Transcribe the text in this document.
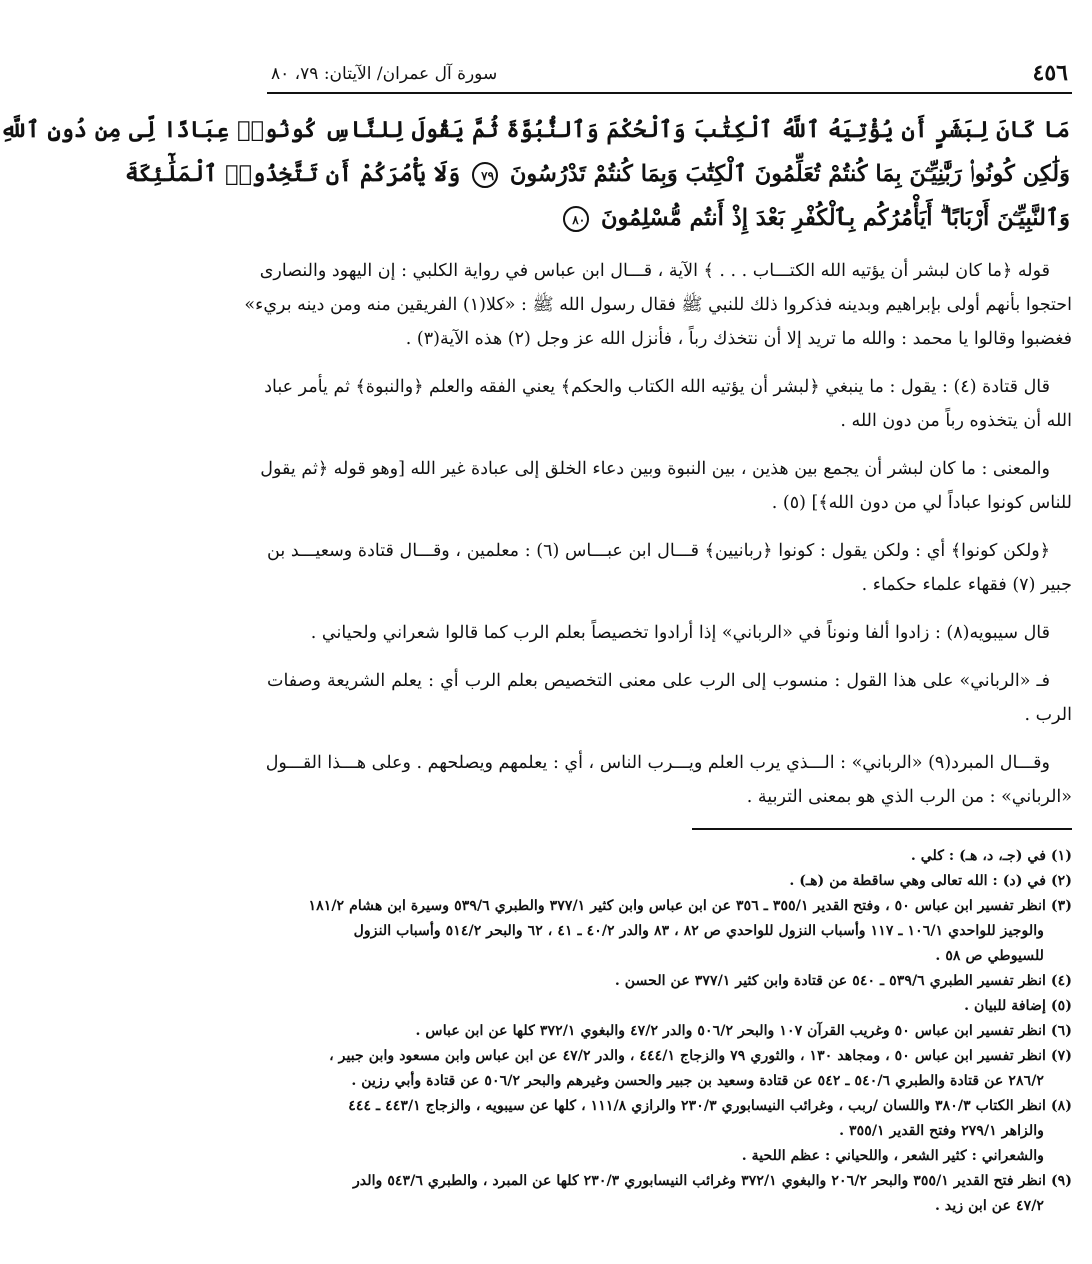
٤٥٦
سورة آل عمران/ الآيتان: ٧٩، ٨٠
مَا كَانَ لِبَشَرٍ أَن يُؤْتِيَهُ ٱللَّهُ ٱلْكِتَٰبَ وَٱلْحُكْمَ وَٱلنُّبُوَّةَ ثُمَّ يَقُولَ لِلنَّاسِ كُونُوا۟ عِبَادًا لِّى مِن دُونِ ٱللَّهِ
وَلَٰكِن كُونُوا۟ رَبَّٰنِيِّـۧنَ بِمَا كُنتُمْ تُعَلِّمُونَ ٱلْكِتَٰبَ وَبِمَا كُنتُمْ تَدْرُسُونَ ٧٩ وَلَا يَأْمُرَكُمْ أَن تَتَّخِذُوا۟ ٱلْمَلَٰٓئِكَةَ
وَٱلنَّبِيِّـۧنَ أَرْبَابًا ۗ أَيَأْمُرُكُم بِٱلْكُفْرِ بَعْدَ إِذْ أَنتُم مُّسْلِمُونَ ٨٠

قوله ﴿ما كان لبشر أن يؤتيه الله الكتـــاب . . . ﴾ الآية ، قـــال ابن عباس في رواية الكلبي : إن اليهود والنصارى
احتجوا بأنهم أولى بإبراهيم وبدينه فذكروا ذلك للنبي ﷺ فقال رسول الله ﷺ : «كلا(١) الفريقين منه ومن دينه بريء»
فغضبوا وقالوا يا محمد : والله ما تريد إلا أن نتخذك رباً ، فأنزل الله عز وجل (٢) هذه الآية(٣) .

قال قتادة (٤) : يقول : ما ينبغي ﴿لبشر أن يؤتيه الله الكتاب والحكم﴾ يعني الفقه والعلم ﴿والنبوة﴾ ثم يأمر عباد
الله أن يتخذوه رباً من دون الله .

والمعنى : ما كان لبشر أن يجمع بين هذين ، بين النبوة وبين دعاء الخلق إلى عبادة غير الله [وهو قوله ﴿ثم يقول
للناس كونوا عباداً لي من دون الله﴾] (٥) .

﴿ولكن كونوا﴾ أي : ولكن يقول : كونوا ﴿ربانيين﴾ قـــال ابن عبـــاس (٦) : معلمين ، وقـــال قتادة وسعيـــد بن
جبير (٧) فقهاء علماء حكماء .

قال سيبويه(٨) : زادوا ألفا ونوناً في «الرباني» إذا أرادوا تخصيصاً بعلم الرب كما قالوا شعراني ولحياني .

فـ «الرباني» على هذا القول : منسوب إلى الرب على معنى التخصيص بعلم الرب أي : يعلم الشريعة وصفات
الرب .

وقـــال المبرد(٩) «الرباني» : الـــذي يرب العلم ويـــرب الناس ، أي : يعلمهم ويصلحهم . وعلى هـــذا القـــول
«الرباني» : من الرب الذي هو بمعنى التربية .

(١) في (جـ، د، هـ) : كلي .

(٢) في (د) : الله تعالى وهي ساقطة من (هـ) .

(٣) انظر تفسير ابن عباس ٥٠ ، وفتح القدير ٣٥٥/١ ـ ٣٥٦ عن ابن عباس وابن كثير ٣٧٧/١ والطبري ٥٣٩/٦ وسيرة ابن هشام ١٨١/٢
والوجيز للواحدي ١٠٦/١ ـ ١١٧ وأسباب النزول للواحدي ص ٨٢ ، ٨٣ والدر ٤٠/٢ ـ ٤١ ، ٦٢ والبحر ٥١٤/٢ وأسباب النزول
للسيوطي ص ٥٨ .

(٤) انظر تفسير الطبري ٥٣٩/٦ ـ ٥٤٠ عن قتادة وابن كثير ٣٧٧/١ عن الحسن .

(٥) إضافة للبيان .

(٦) انظر تفسير ابن عباس ٥٠ وغريب القرآن ١٠٧ والبحر ٥٠٦/٢ والدر ٤٧/٢ والبغوي ٣٧٢/١ كلها عن ابن عباس .

(٧) انظر تفسير ابن عباس ٥٠ ، ومجاهد ١٣٠ ، والثوري ٧٩ والزجاج ٤٤٤/١ ، والدر ٤٧/٢ عن ابن عباس وابن مسعود وابن جبير ،
٢٨٦/٢ عن قتادة والطبري ٥٤٠/٦ ـ ٥٤٢ عن قتادة وسعيد بن جبير والحسن وغيرهم والبحر ٥٠٦/٢ عن قتادة وأبي رزين .

(٨) انظر الكتاب ٣٨٠/٣ واللسان /ربب ، وغرائب النيسابوري ٢٣٠/٣ والرازي ١١١/٨ ، كلها عن سيبويه ، والزجاج ٤٤٣/١ ـ ٤٤٤
والزاهر ٢٧٩/١ وفتح القدير ٣٥٥/١ .
والشعراني : كثير الشعر ، واللحياني : عظم اللحية .

(٩) انظر فتح القدير ٣٥٥/١ والبحر ٢٠٦/٢ والبغوي ٣٧٢/١ وغرائب النيسابوري ٢٣٠/٣ كلها عن المبرد ، والطبري ٥٤٣/٦ والدر
٤٧/٢ عن ابن زيد .
